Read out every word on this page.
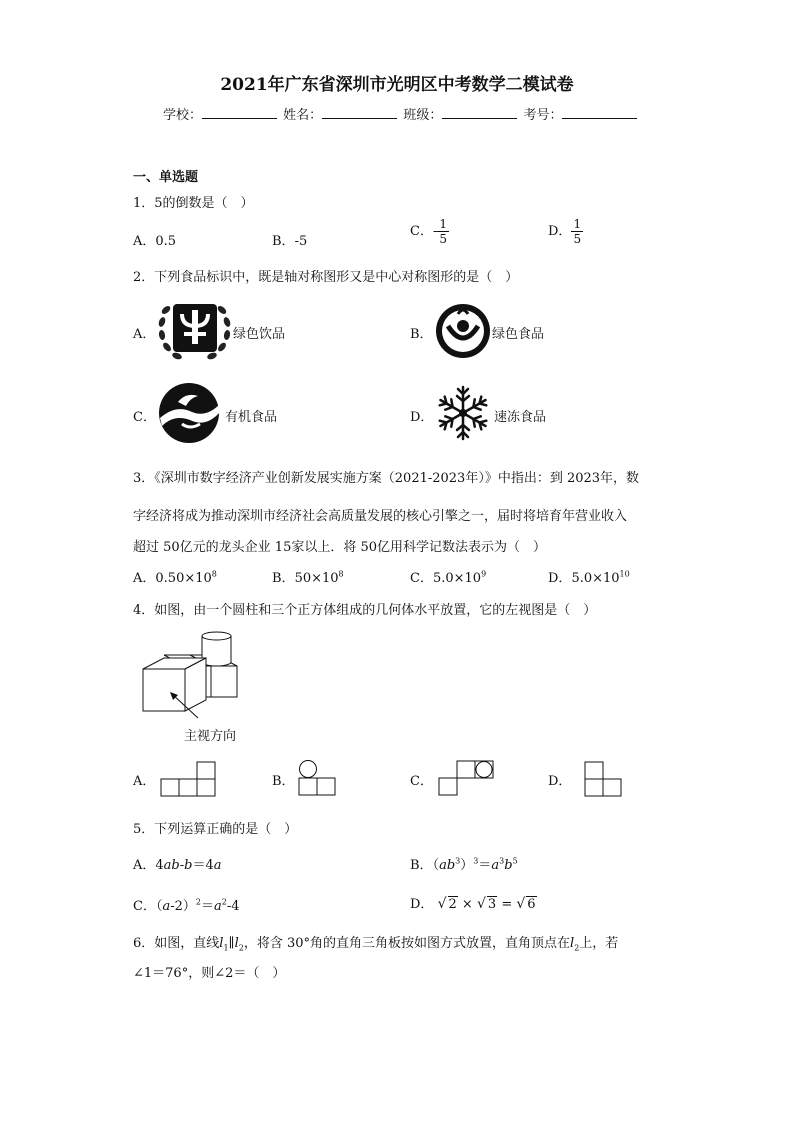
2021年广东省深圳市光明区中考数学二模试卷
学校：	姓名：	班级：	考号：
一、单选题
1．5的倒数是（　）
A．0.5	B．-5
C．- $\frac{1}{5}$	D． $\frac{1}{5}$
2．下列食品标识中，既是轴对称图形又是中心对称图形的是（　）
A．	绿色饮品	B．	绿色食品
C．	有机食品	D．	速冻食品
3．《深圳市数字经济产业创新发展实施方案（2021-2023年）》中指出：到 2023年，数
字经济将成为推动深圳市经济社会高质量发展的核心引擎之一，届时将培育年营业收入
超过 50亿元的龙头企业 15家以上．将 50亿用科学记数法表示为（　）
A．$0.50\times 10^8$	B．$50\times 10^8$	C．$5.0\times 10^9$	D．$5.0\times 10^{10}$
4．如图，由一个圆柱和三个正方体组成的几何体水平放置，它的左视图是（　）
主视方向
A．	B．	C．	D．
5．下列运算正确的是（　）
A．4ab-b＝4a	B．$(ab^3)^3=a^3b^5$
C．$(a-2)^2=a^2-4$	D． √ 2 × √ 3 = √ 6
6．如图，直线$l_1\parallel l_2$，将含 30°角的直角三角板按如图方式放置，直角顶点在$l_2$上，若
∠1＝76°，则∠2＝（　）
